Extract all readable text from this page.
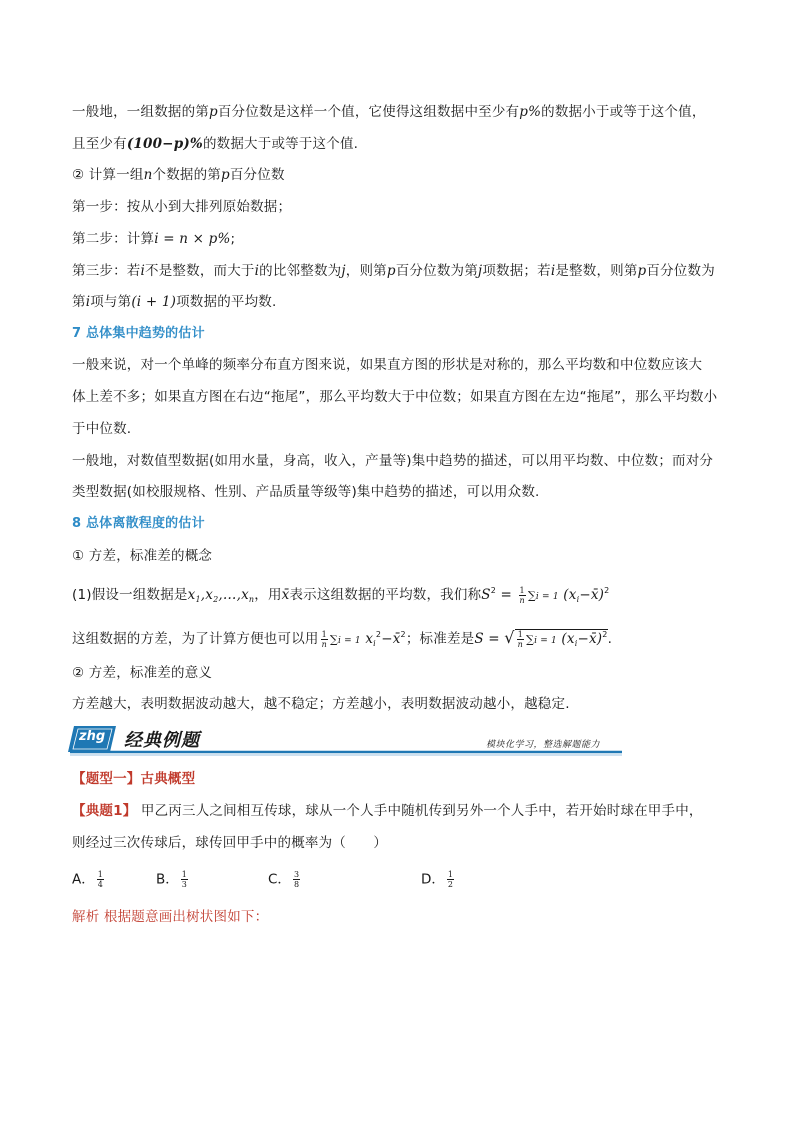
一般地，一组数据的第p百分位数是这样一个值，它使得这组数据中至少有p%的数据小于或等于这个值，
且至少有(100−p)%的数据大于或等于这个值.
② 计算一组n个数据的第p百分位数
第一步：按从小到大排列原始数据；
第二步：计算i = n × p%;
第三步：若i不是整数，而大于i的比邻整数为j，则第p百分位数为第j项数据；若i是整数，则第p百分位数为
第i项与第(i + 1)项数据的平均数.
7 总体集中趋势的估计
一般来说，对一个单峰的频率分布直方图来说，如果直方图的形状是对称的，那么平均数和中位数应该大
体上差不多；如果直方图在右边“拖尾”，那么平均数大于中位数；如果直方图在左边“拖尾”，那么平均数小
于中位数.
一般地，对数值型数据(如用水量，身高，收入，产量等)集中趋势的描述，可以用平均数、中位数；而对分
类型数据(如校服规格、性别、产品质量等级等)集中趋势的描述，可以用众数.
8 总体离散程度的估计
① 方差，标准差的概念
(1)假设一组数据是$x_1,x_2,\dots,x_n$，用x̄表示这组数据的平均数，我们称$S^2 = \frac{1}{n} \sum i = 1$ $(x_i-x̄)^2$
这组数据的方差，为了计算方便也可以用 $\frac{1}{n} \sum i = 1$ $x_i^2-x̄^2$；标准差是S = √ $\frac{1}{n} \sum i = 1$ $(x_i-x̄)^2$.
② 方差，标准差的意义
方差越大，表明数据波动越大，越不稳定；方差越小，表明数据波动越小，越稳定.
zhg 经典例题	模块化学习，整选解题能力
【题型一】古典概型
【典题1】 甲乙丙三人之间相互传球，球从一个人手中随机传到另外一个人手中，若开始时球在甲手中，
则经过三次传球后，球传回甲手中的概率为（　　）
A． $\frac{1}{4}$	B． $\frac{1}{3}$	C． $\frac{3}{8}$	D． $\frac{1}{2}$
解析 根据题意画出树状图如下：
